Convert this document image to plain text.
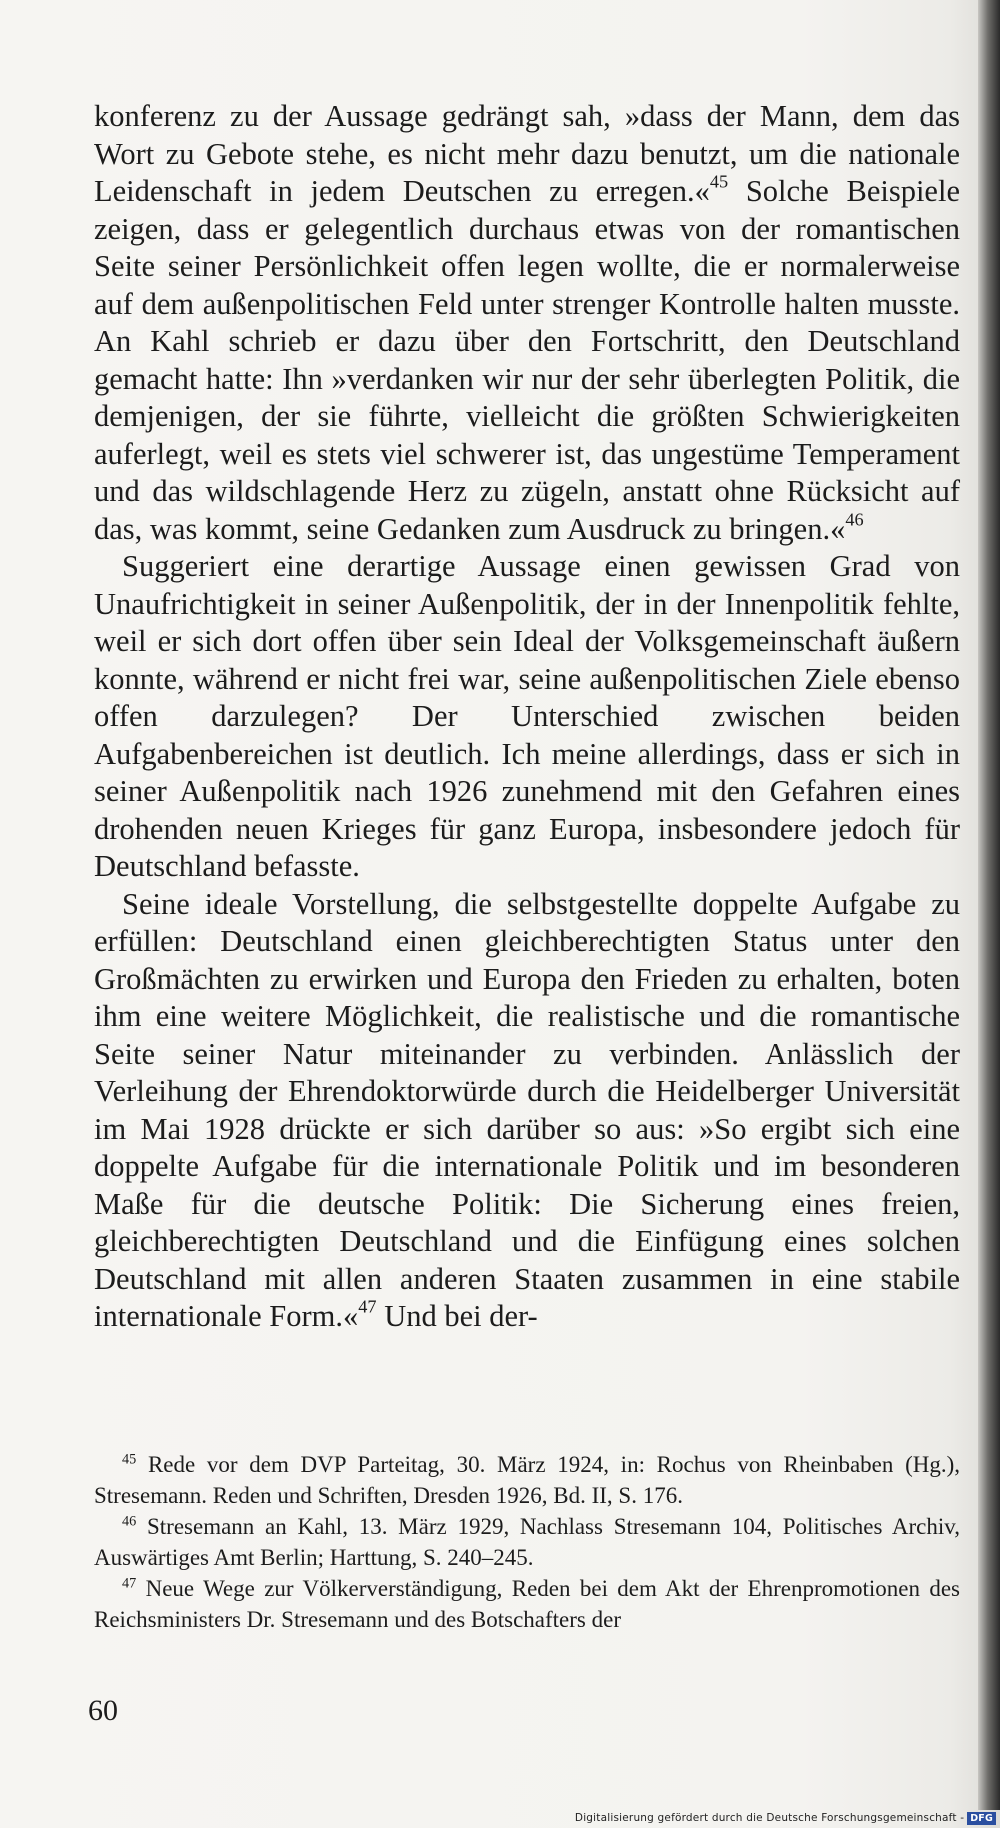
konferenz zu der Aussage gedrängt sah, »dass der Mann, dem das Wort zu Gebote stehe, es nicht mehr dazu benutzt, um die nationale Leidenschaft in jedem Deutschen zu erregen.«$^{45}$ Solche Beispiele zeigen, dass er gelegentlich durchaus etwas von der romantischen Seite seiner Persönlichkeit offen legen wollte, die er normalerweise auf dem außenpolitischen Feld unter strenger Kontrolle halten musste. An Kahl schrieb er dazu über den Fortschritt, den Deutschland gemacht hatte: Ihn »verdanken wir nur der sehr überlegten Politik, die demjenigen, der sie führte, vielleicht die größten Schwierigkeiten auferlegt, weil es stets viel schwerer ist, das ungestüme Temperament und das wildschlagende Herz zu zügeln, anstatt ohne Rücksicht auf das, was kommt, seine Gedanken zum Ausdruck zu bringen.«$^{46}$

Suggeriert eine derartige Aussage einen gewissen Grad von Unaufrichtigkeit in seiner Außenpolitik, der in der Innenpolitik fehlte, weil er sich dort offen über sein Ideal der Volksgemeinschaft äußern konnte, während er nicht frei war, seine außenpolitischen Ziele ebenso offen darzulegen? Der Unterschied zwischen beiden Aufgabenbereichen ist deutlich. Ich meine allerdings, dass er sich in seiner Außenpolitik nach 1926 zunehmend mit den Gefahren eines drohenden neuen Krieges für ganz Europa, insbesondere jedoch für Deutschland befasste.

Seine ideale Vorstellung, die selbstgestellte doppelte Aufgabe zu erfüllen: Deutschland einen gleichberechtigten Status unter den Großmächten zu erwirken und Europa den Frieden zu erhalten, boten ihm eine weitere Möglichkeit, die realistische und die romantische Seite seiner Natur miteinander zu verbinden. Anlässlich der Verleihung der Ehrendoktorwürde durch die Heidelberger Universität im Mai 1928 drückte er sich darüber so aus: »So ergibt sich eine doppelte Aufgabe für die internationale Politik und im besonderen Maße für die deutsche Politik: Die Sicherung eines freien, gleichberechtigten Deutschland und die Einfügung eines solchen Deutschland mit allen anderen Staaten zusammen in eine stabile internationale Form.«$^{47}$ Und bei der-

$^{45}$ Rede vor dem DVP Parteitag, 30. März 1924, in: Rochus von Rheinbaben (Hg.), Stresemann. Reden und Schriften, Dresden 1926, Bd. II, S. 176.

$^{46}$ Stresemann an Kahl, 13. März 1929, Nachlass Stresemann 104, Politisches Archiv, Auswärtiges Amt Berlin; Harttung, S. 240–245.

$^{47}$ Neue Wege zur Völkerverständigung, Reden bei dem Akt der Ehrenpromotionen des Reichsministers Dr. Stresemann und des Botschafters der

60
Digitalisierung gefördert durch die Deutsche Forschungsgemeinschaft - DFG
